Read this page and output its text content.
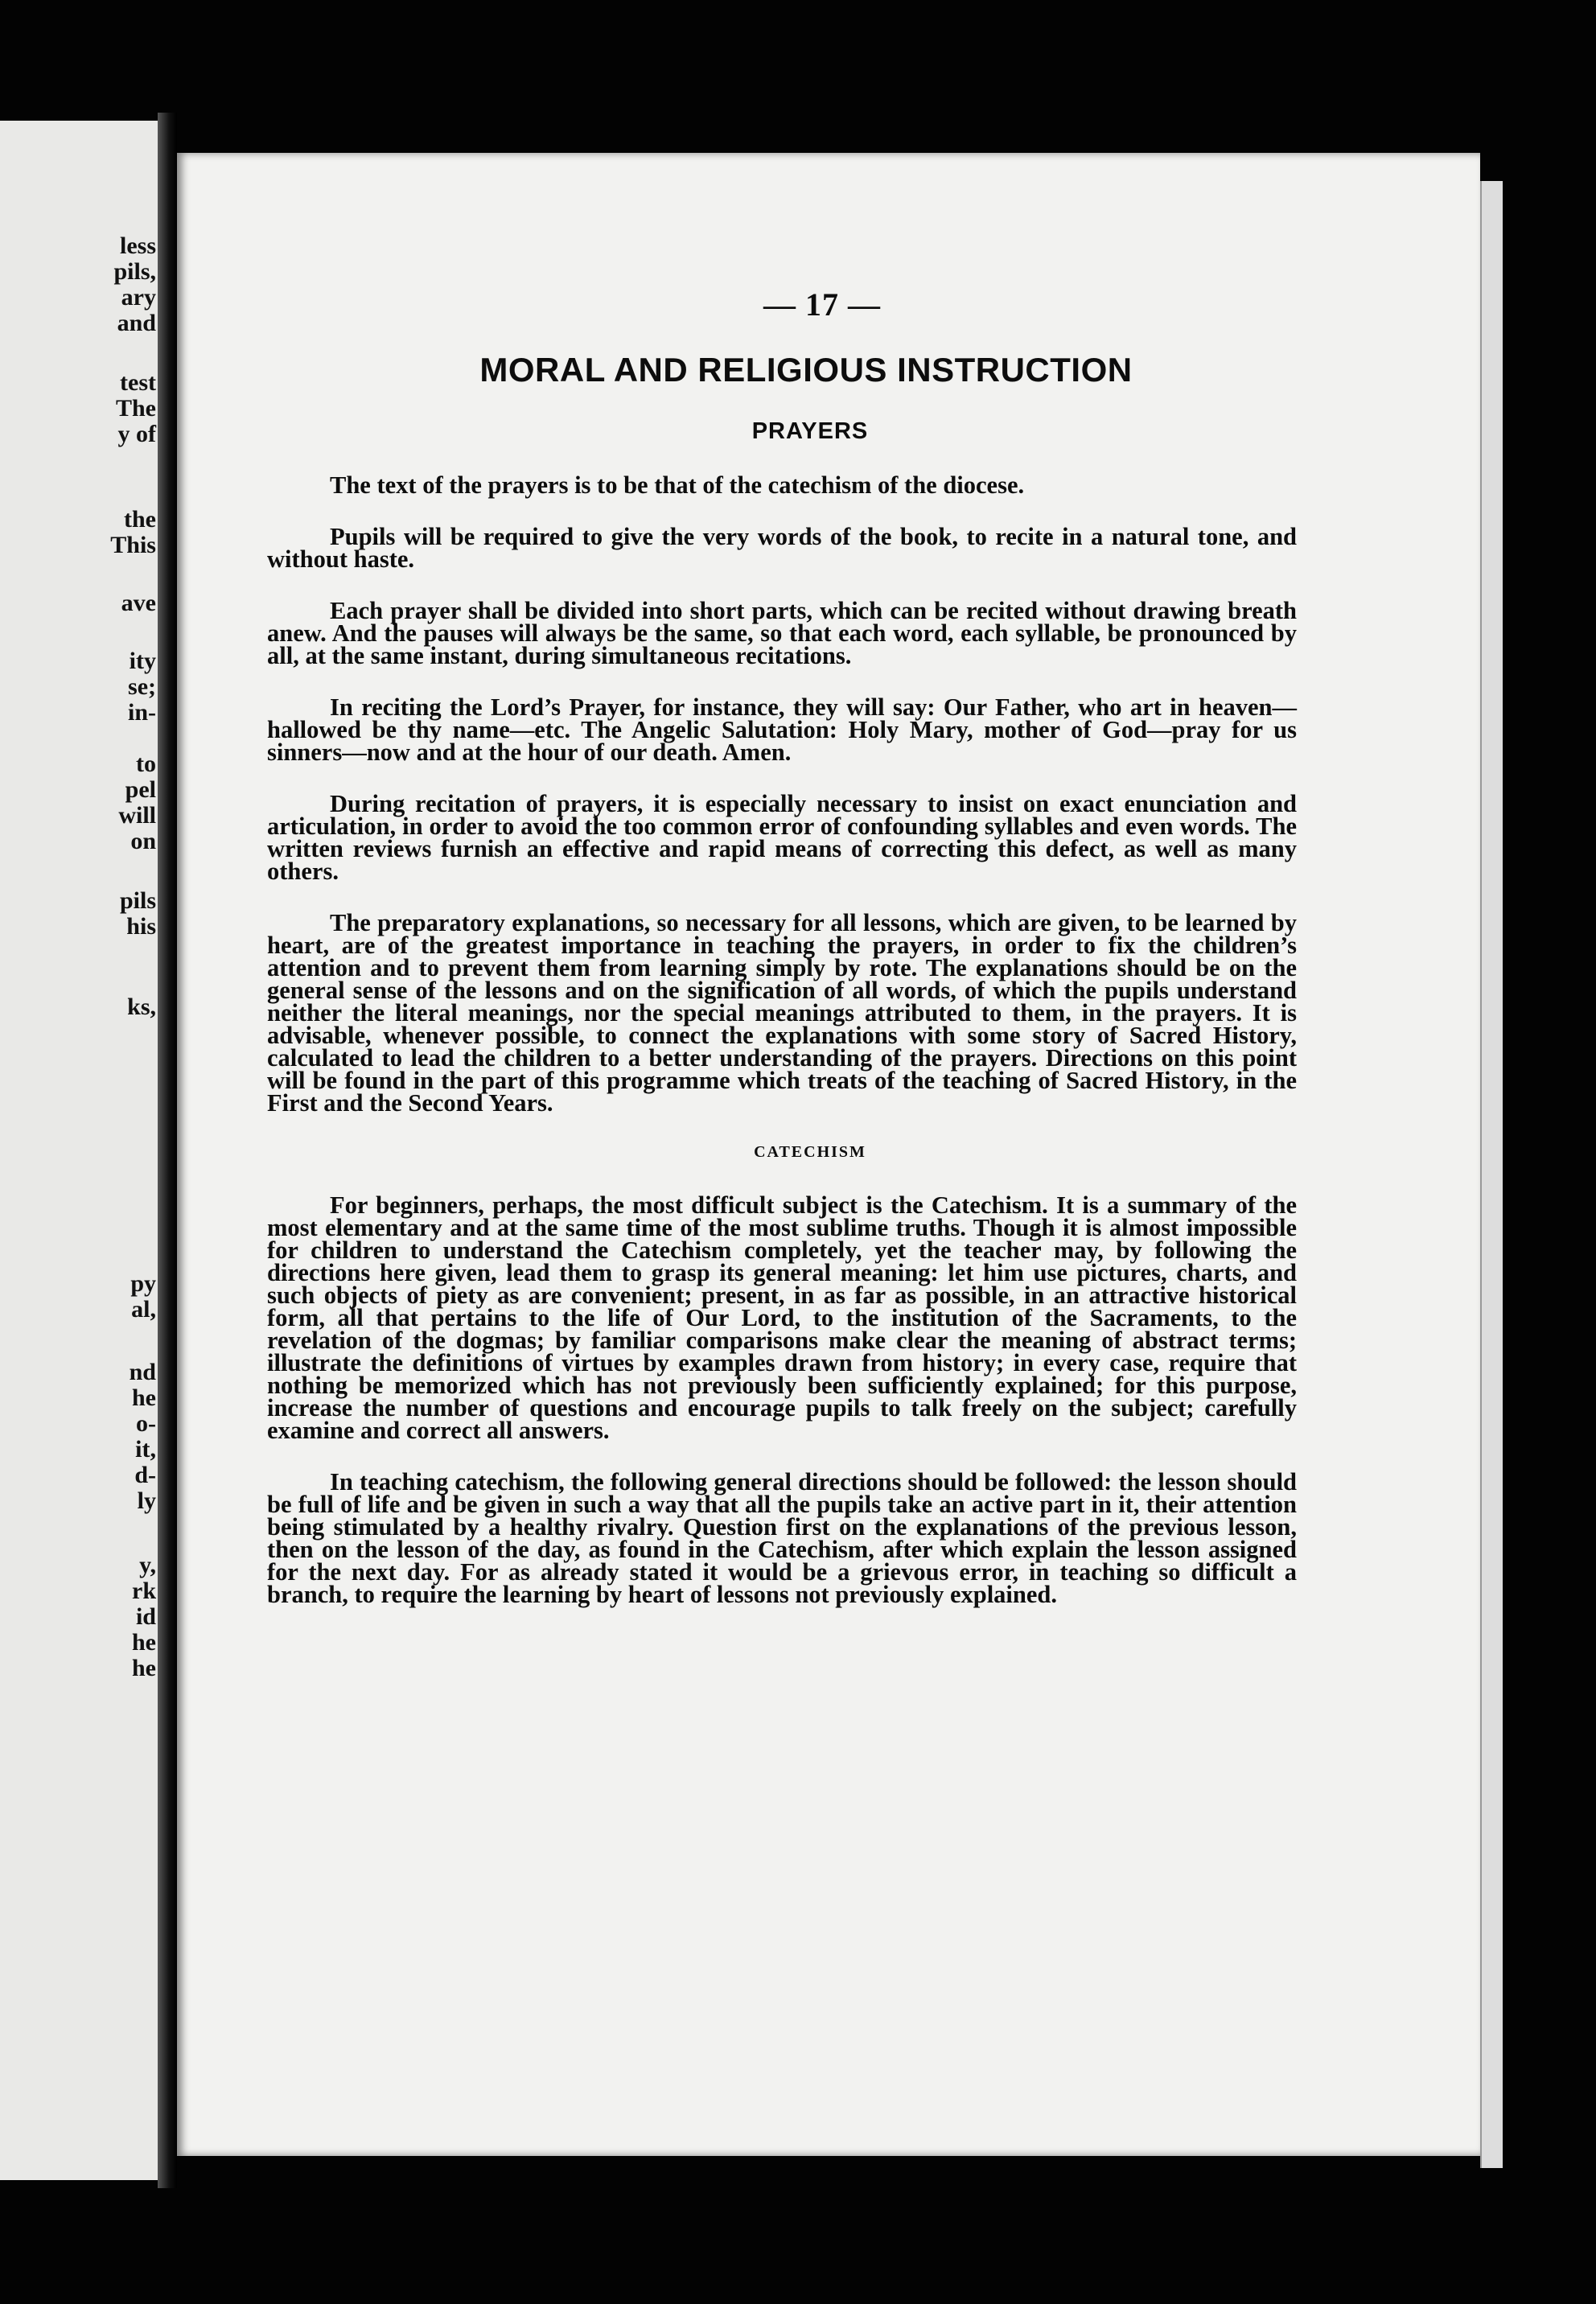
less
pils,
ary
and
test
The
y of
the
This
ave
ity
se;
in-
to
pel
will
on
pils
his
ks,
py
al,
nd
he
o-
it,
d-
ly
y,
rk
id
he
he
— 17 —
MORAL AND RELIGIOUS INSTRUCTION
PRAYERS

The text of the prayers is to be that of the catechism of the diocese.

Pupils will be required to give the very words of the book, to recite in a natural tone, and without haste.

Each prayer shall be divided into short parts, which can be recited without drawing breath anew. And the pauses will always be the same, so that each word, each syllable, be pronounced by all, at the same instant, during simultaneous recitations.

In reciting the Lord’s Prayer, for instance, they will say: Our Father, who art in heaven—hallowed be thy name—etc. The Angelic Salutation: Holy Mary, mother of God—pray for us sinners—now and at the hour of our death. Amen.

During recitation of prayers, it is especially necessary to insist on exact enunciation and articulation, in order to avoid the too common error of confounding syllables and even words. The written reviews furnish an effective and rapid means of correcting this defect, as well as many others.

The preparatory explanations, so necessary for all lessons, which are given, to be learned by heart, are of the greatest importance in teaching the prayers, in order to fix the children’s attention and to prevent them from learning simply by rote. The explanations should be on the general sense of the lessons and on the signification of all words, of which the pupils understand neither the literal meanings, nor the special meanings attributed to them, in the prayers. It is advisable, whenever possible, to connect the explanations with some story of Sacred History, calculated to lead the children to a better understanding of the prayers. Directions on this point will be found in the part of this programme which treats of the teaching of Sacred History, in the First and the Second Years.

CATECHISM

For beginners, perhaps, the most difficult subject is the Catechism. It is a summary of the most elementary and at the same time of the most sublime truths. Though it is almost impossible for children to understand the Catechism completely, yet the teacher may, by following the directions here given, lead them to grasp its general meaning: let him use pictures, charts, and such objects of piety as are convenient; present, in as far as possible, in an attractive historical form, all that pertains to the life of Our Lord, to the institution of the Sacraments, to the revelation of the dogmas; by familiar comparisons make clear the meaning of abstract terms; illustrate the definitions of virtues by examples drawn from history; in every case, require that nothing be memorized which has not previously been sufficiently explained; for this purpose, increase the number of questions and encourage pupils to talk freely on the subject; carefully examine and correct all answers.

In teaching catechism, the following general directions should be followed: the lesson should be full of life and be given in such a way that all the pupils take an active part in it, their attention being stimulated by a healthy rivalry. Question first on the explanations of the previous lesson, then on the lesson of the day, as found in the Catechism, after which explain the lesson assigned for the next day. For as already stated it would be a grievous error, in teaching so difficult a branch, to require the learning by heart of lessons not previously explained.
